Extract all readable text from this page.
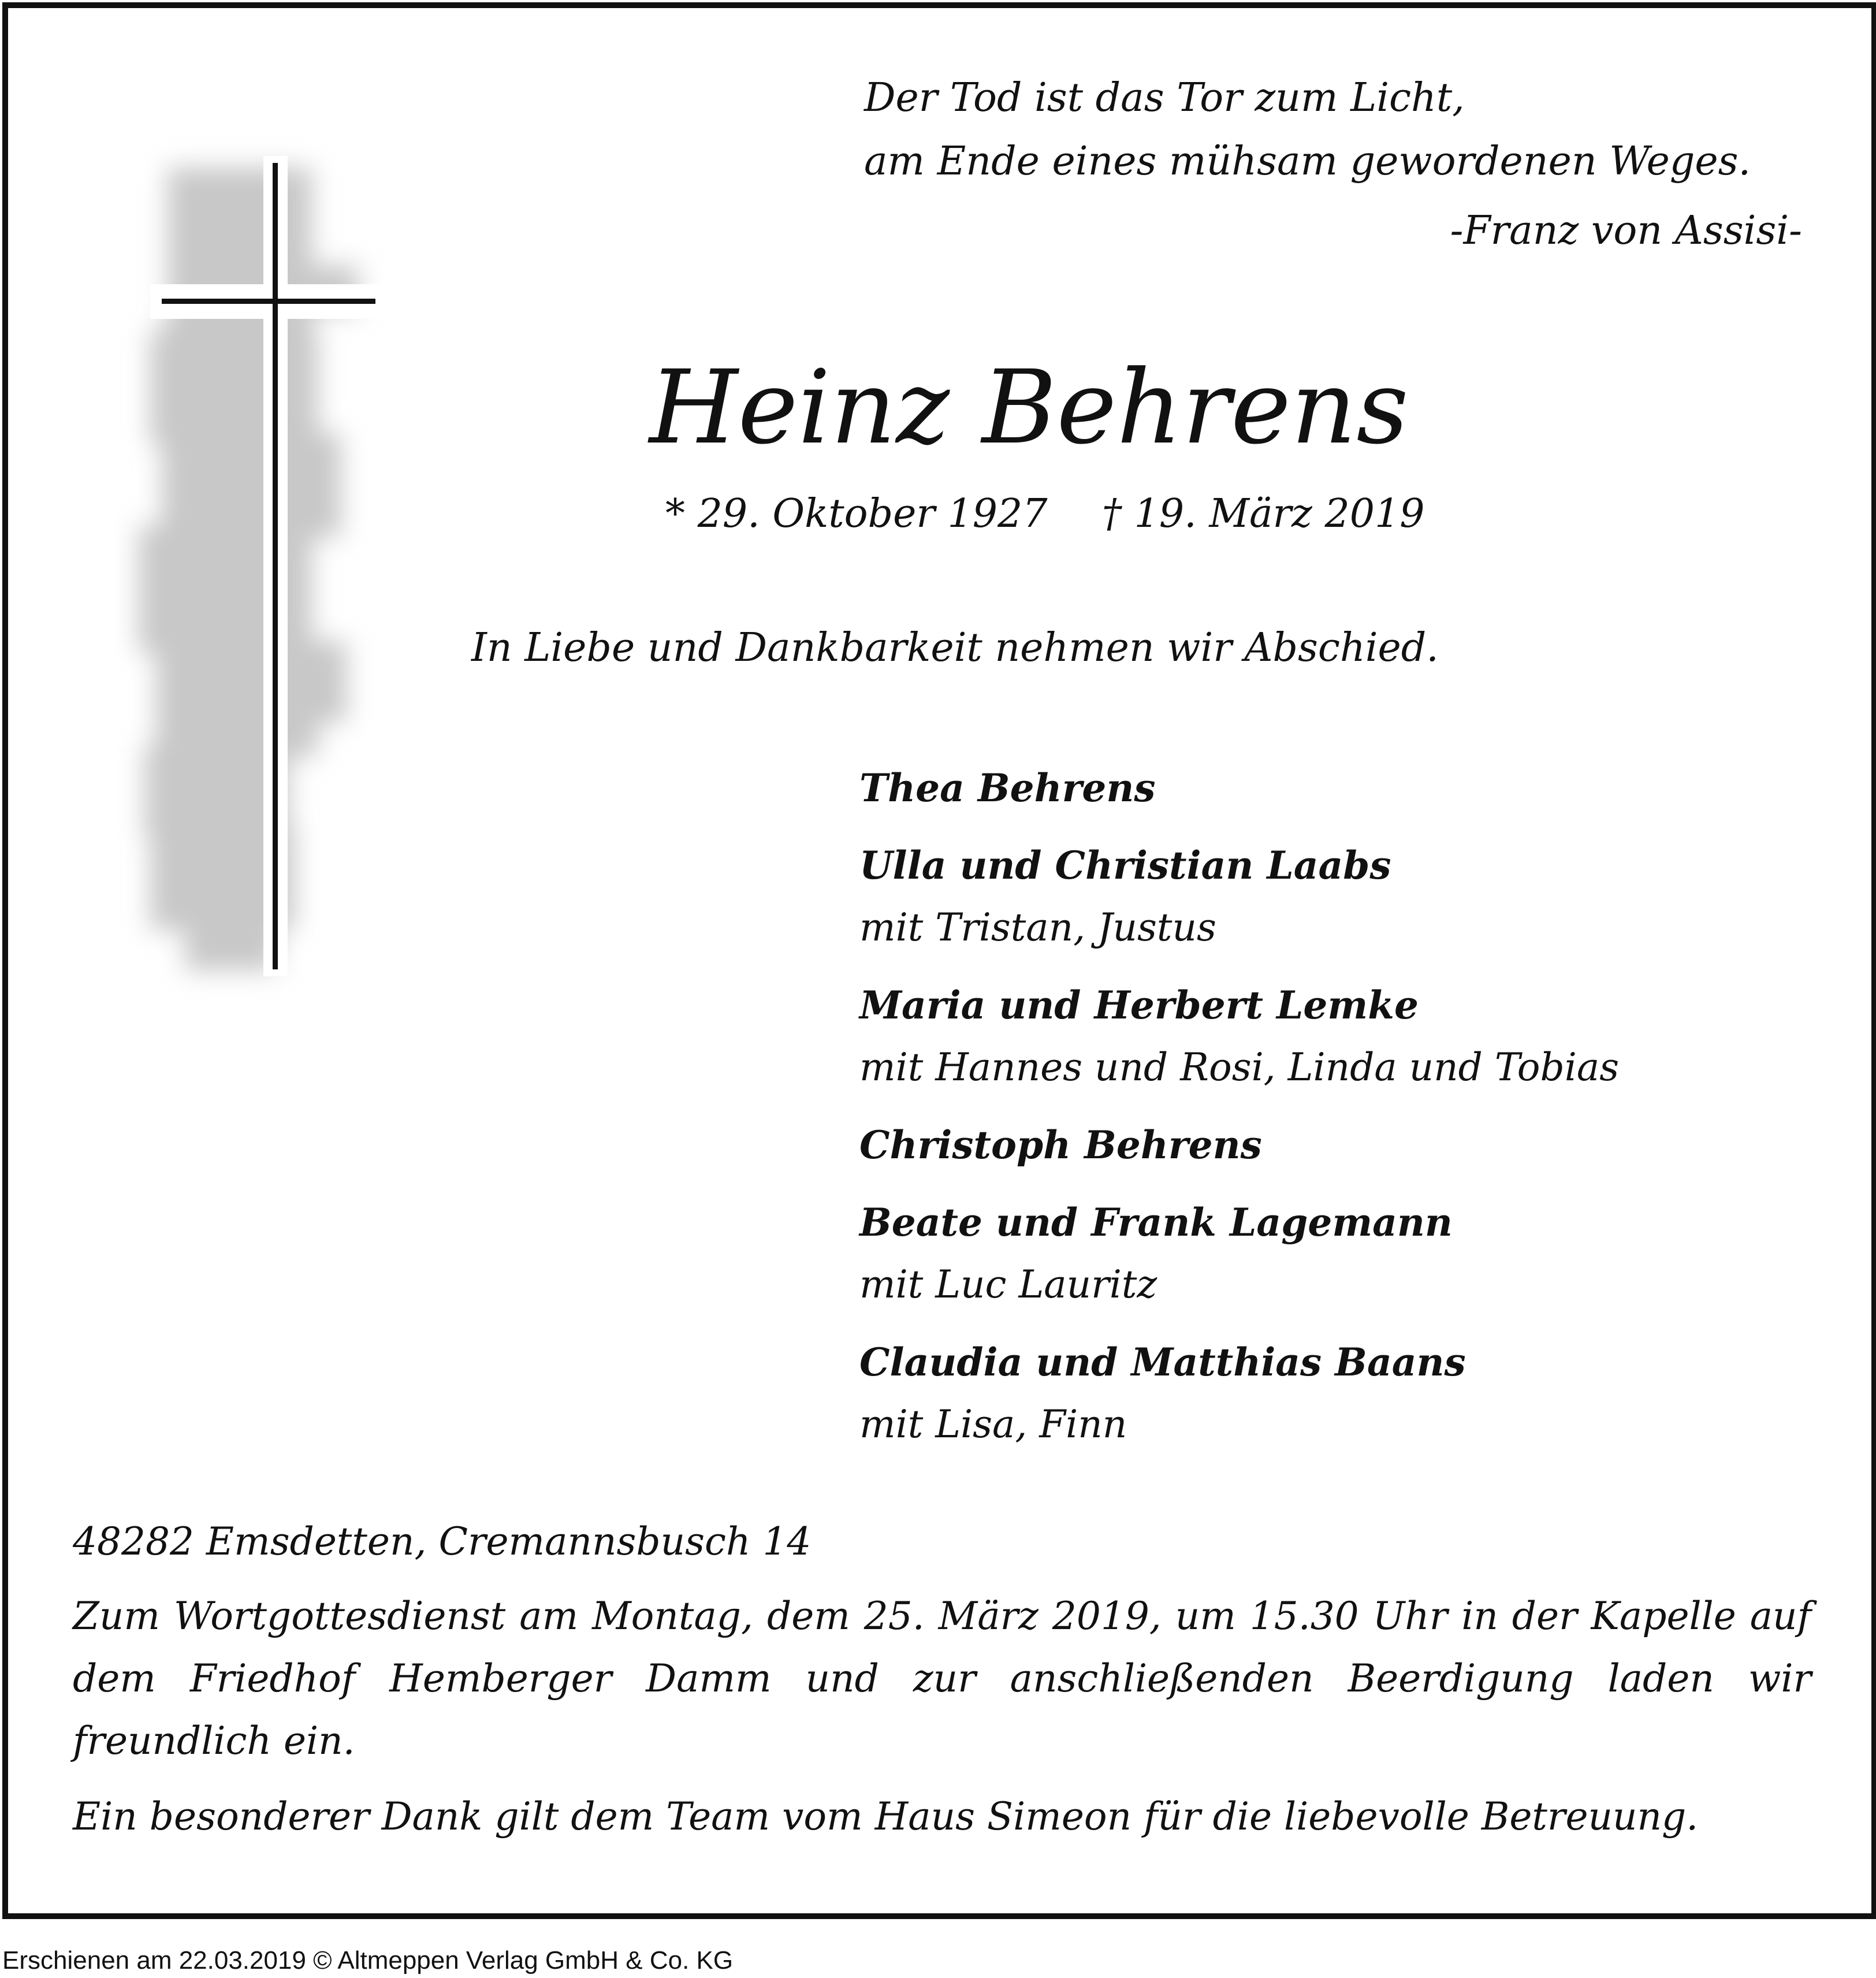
Der Tod ist das Tor zum Licht,
am Ende eines mühsam gewordenen Weges.
-Franz von Assisi-
Heinz Behrens
* 29. Oktober 1927 † 19. März 2019
In Liebe und Dankbarkeit nehmen wir Abschied.
Thea Behrens
Ulla und Christian Laabs
mit Tristan, Justus
Maria und Herbert Lemke
mit Hannes und Rosi, Linda und Tobias
Christoph Behrens
Beate und Frank Lagemann
mit Luc Lauritz
Claudia und Matthias Baans
mit Lisa, Finn
48282 Emsdetten, Cremannsbusch 14
Zum Wortgottesdienst am Montag, dem 25. März 2019, um 15.30 Uhr in der Kapelle auf dem Friedhof Hemberger Damm und zur anschließenden Beerdigung laden wir freundlich ein.
Ein besonderer Dank gilt dem Team vom Haus Simeon für die liebevolle Betreuung.
Erschienen am 22.03.2019 © Altmeppen Verlag GmbH & Co. KG
